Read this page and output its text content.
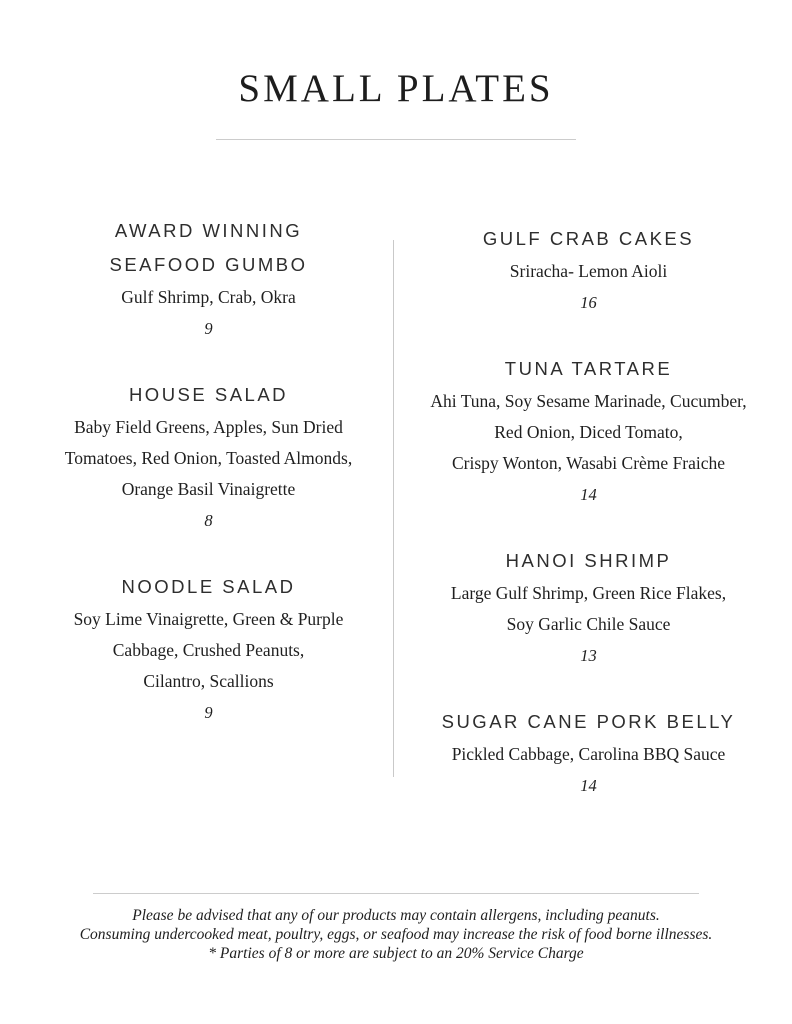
SMALL PLATES
AWARD WINNING
SEAFOOD GUMBO
Gulf Shrimp, Crab, Okra
9
HOUSE SALAD
Baby Field Greens, Apples, Sun Dried
Tomatoes, Red Onion, Toasted Almonds,
Orange Basil Vinaigrette
8
NOODLE SALAD
Soy Lime Vinaigrette, Green & Purple
Cabbage, Crushed Peanuts,
Cilantro, Scallions
9
GULF CRAB CAKES
Sriracha- Lemon Aioli
16
TUNA TARTARE
Ahi Tuna, Soy Sesame Marinade, Cucumber,
Red Onion, Diced Tomato,
Crispy Wonton, Wasabi Crème Fraiche
14
HANOI SHRIMP
Large Gulf Shrimp, Green Rice Flakes,
Soy Garlic Chile Sauce
13
SUGAR CANE PORK BELLY
Pickled Cabbage, Carolina BBQ Sauce
14
Please be advised that any of our products may contain allergens, including peanuts.
Consuming undercooked meat, poultry, eggs, or seafood may increase the risk of food borne illnesses.
* Parties of 8 or more are subject to an 20% Service Charge
